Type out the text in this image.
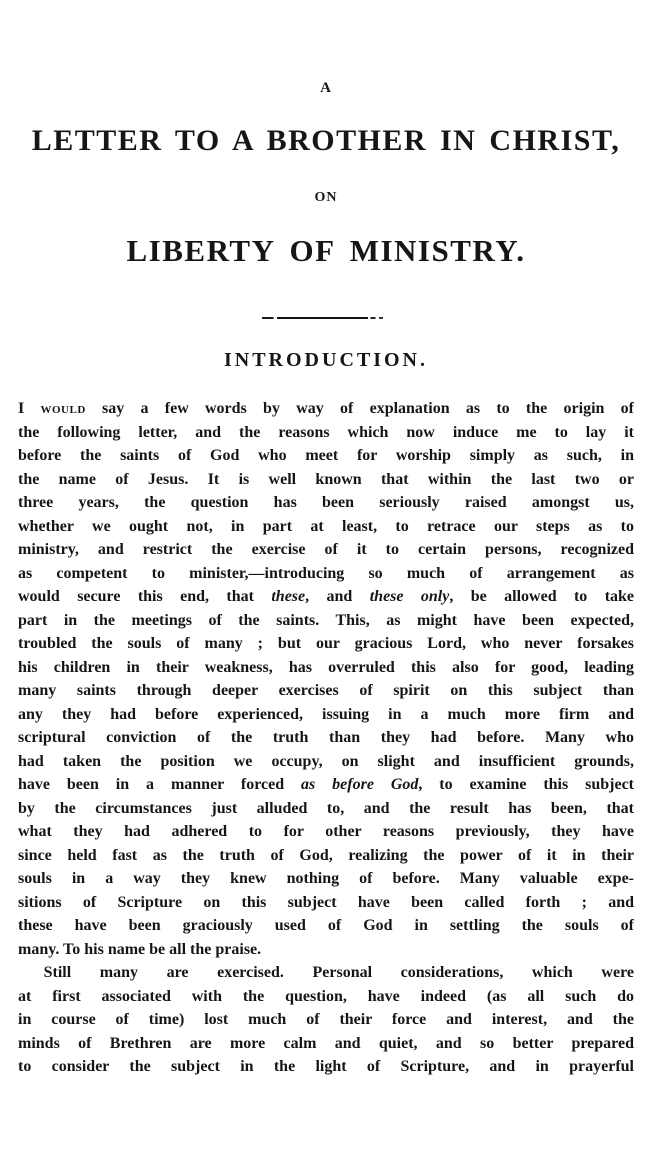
A
LETTER TO A BROTHER IN CHRIST,
ON
LIBERTY OF MINISTRY.
INTRODUCTION.
I would say a few words by way of explanation as to the origin of
the following letter, and the reasons which now induce me to lay it
before the saints of God who meet for worship simply as such, in
the name of Jesus. It is well known that within the last two or
three years, the question has been seriously raised amongst us,
whether we ought not, in part at least, to retrace our steps as to
ministry, and restrict the exercise of it to certain persons, recognized
as competent to minister,—introducing so much of arrangement as
would secure this end, that these, and these only, be allowed to take
part in the meetings of the saints. This, as might have been expected,
troubled the souls of many ; but our gracious Lord, who never forsakes
his children in their weakness, has overruled this also for good, leading
many saints through deeper exercises of spirit on this subject than
any they had before experienced, issuing in a much more firm and
scriptural conviction of the truth than they had before. Many who
had taken the position we occupy, on slight and insufficient grounds,
have been in a manner forced as before God, to examine this subject
by the circumstances just alluded to, and the result has been, that
what they had adhered to for other reasons previously, they have
since held fast as the truth of God, realizing the power of it in their
souls in a way they knew nothing of before. Many valuable expe-
sitions of Scripture on this subject have been called forth ; and
these have been graciously used of God in settling the souls of
many. To his name be all the praise.
Still many are exercised. Personal considerations, which were
at first associated with the question, have indeed (as all such do
in course of time) lost much of their force and interest, and the
minds of Brethren are more calm and quiet, and so better prepared
to consider the subject in the light of Scripture, and in prayerful
